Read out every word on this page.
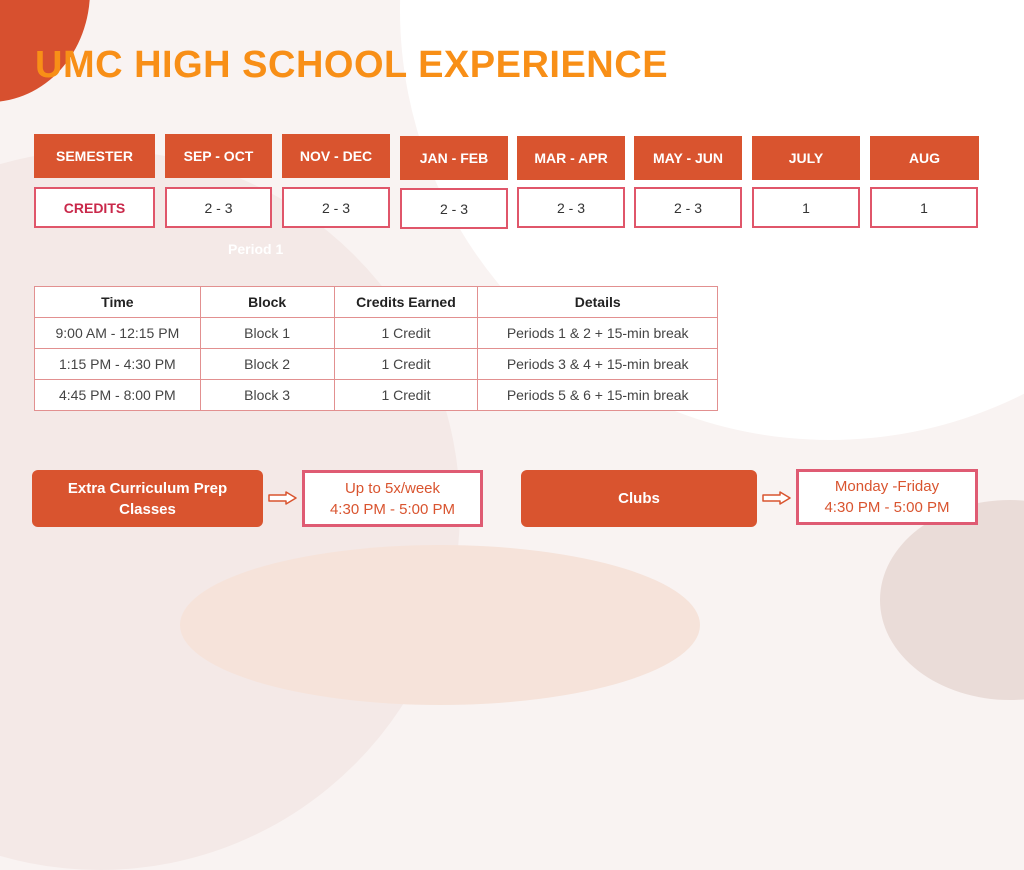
UMC HIGH SCHOOL EXPERIENCE
SEMESTER	SEP - OCT	NOV - DEC	JAN - FEB	MAR - APR	MAY - JUN	JULY	AUG
CREDITS	2 - 3	2 - 3	2 - 3	2 - 3	2 - 3	1	1
Period 1
Time	Block	Credits Earned	Details
9:00 AM - 12:15 PM	Block 1	1 Credit	Periods 1 & 2 + 15-min break
1:15 PM - 4:30 PM	Block 2	1 Credit	Periods 3 & 4 + 15-min break
4:45 PM - 8:00 PM	Block 3	1 Credit	Periods 5 & 6 + 15-min break
Extra Curriculum Prep Classes
Up to 5x/week
4:30 PM - 5:00 PM
Clubs
Monday -Friday
4:30 PM - 5:00 PM
